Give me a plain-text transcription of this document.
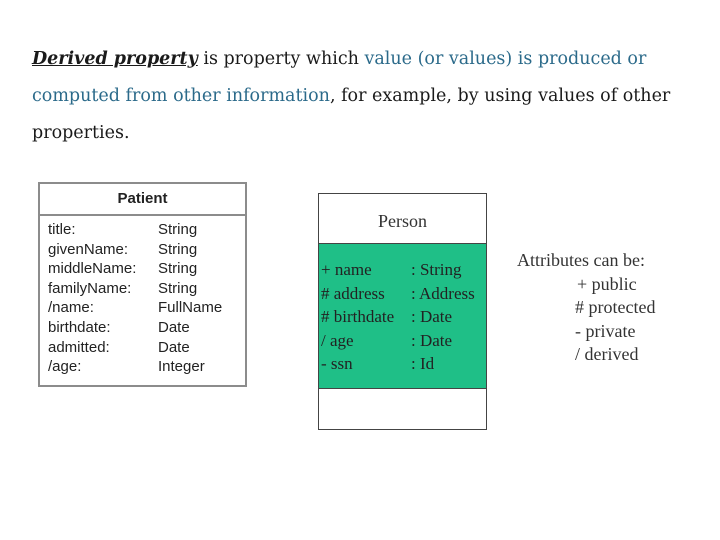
Derived property is property which value (or values) is produced or computed from other information, for example, by using values of other properties.
Patient
title:	String
givenName:	String
middleName:	String
familyName:	String
/name:	FullName
birthdate:	Date
admitted:	Date
/age:	Integer
Person
+ name	: String
# address	: Address
# birthdate : Date
/ age	: Date
- ssn	: Id
Attributes can be:
+ public
# protected
- private
/ derived
